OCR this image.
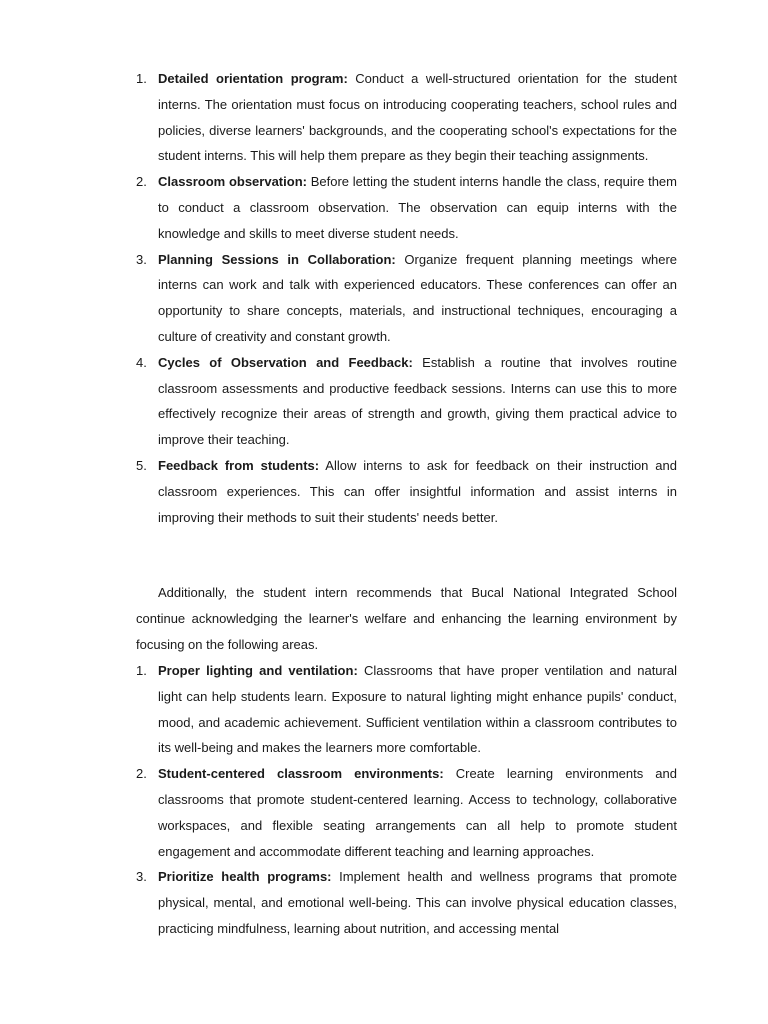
1. Detailed orientation program: Conduct a well-structured orientation for the student interns. The orientation must focus on introducing cooperating teachers, school rules and policies, diverse learners' backgrounds, and the cooperating school's expectations for the student interns. This will help them prepare as they begin their teaching assignments.
2. Classroom observation: Before letting the student interns handle the class, require them to conduct a classroom observation. The observation can equip interns with the knowledge and skills to meet diverse student needs.
3. Planning Sessions in Collaboration: Organize frequent planning meetings where interns can work and talk with experienced educators. These conferences can offer an opportunity to share concepts, materials, and instructional techniques, encouraging a culture of creativity and constant growth.
4. Cycles of Observation and Feedback: Establish a routine that involves routine classroom assessments and productive feedback sessions. Interns can use this to more effectively recognize their areas of strength and growth, giving them practical advice to improve their teaching.
5. Feedback from students: Allow interns to ask for feedback on their instruction and classroom experiences. This can offer insightful information and assist interns in improving their methods to suit their students' needs better.

Additionally, the student intern recommends that Bucal National Integrated School continue acknowledging the learner's welfare and enhancing the learning environment by focusing on the following areas.

1. Proper lighting and ventilation: Classrooms that have proper ventilation and natural light can help students learn. Exposure to natural lighting might enhance pupils' conduct, mood, and academic achievement. Sufficient ventilation within a classroom contributes to its well-being and makes the learners more comfortable.
2. Student-centered classroom environments: Create learning environments and classrooms that promote student-centered learning. Access to technology, collaborative workspaces, and flexible seating arrangements can all help to promote student engagement and accommodate different teaching and learning approaches.
3. Prioritize health programs: Implement health and wellness programs that promote physical, mental, and emotional well-being. This can involve physical education classes, practicing mindfulness, learning about nutrition, and accessing mental
